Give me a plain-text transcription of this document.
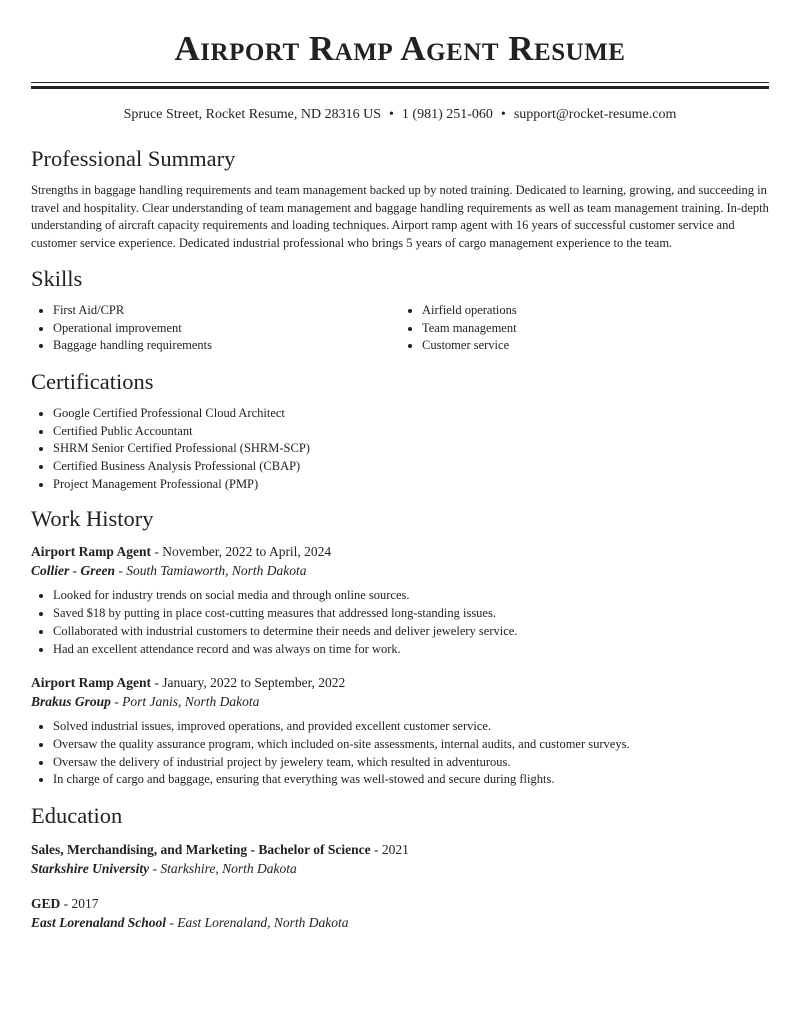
Airport Ramp Agent Resume
Spruce Street, Rocket Resume, ND 28316 US • 1 (981) 251-060 • support@rocket-resume.com
Professional Summary

Strengths in baggage handling requirements and team management backed up by noted training. Dedicated to learning, growing, and succeeding in travel and hospitality. Clear understanding of team management and baggage handling requirements as well as team management training. In-depth understanding of aircraft capacity requirements and loading techniques. Airport ramp agent with 16 years of successful customer service and customer service experience. Dedicated industrial professional who brings 5 years of cargo management experience to the team.

Skills
• First Aid/CPR
• Operational improvement
• Baggage handling requirements
• Airfield operations
• Team management
• Customer service
Certifications
• Google Certified Professional Cloud Architect
• Certified Public Accountant
• SHRM Senior Certified Professional (SHRM-SCP)
• Certified Business Analysis Professional (CBAP)
• Project Management Professional (PMP)
Work History
Airport Ramp Agent - November, 2022 to April, 2024
Collier - Green - South Tamiaworth, North Dakota
• Looked for industry trends on social media and through online sources.
• Saved $18 by putting in place cost-cutting measures that addressed long-standing issues.
• Collaborated with industrial customers to determine their needs and deliver jewelery service.
• Had an excellent attendance record and was always on time for work.
Airport Ramp Agent - January, 2022 to September, 2022
Brakus Group - Port Janis, North Dakota
• Solved industrial issues, improved operations, and provided excellent customer service.
• Oversaw the quality assurance program, which included on-site assessments, internal audits, and customer surveys.
• Oversaw the delivery of industrial project by jewelery team, which resulted in adventurous.
• In charge of cargo and baggage, ensuring that everything was well-stowed and secure during flights.
Education
Sales, Merchandising, and Marketing - Bachelor of Science - 2021
Starkshire University - Starkshire, North Dakota
GED - 2017
East Lorenaland School - East Lorenaland, North Dakota
